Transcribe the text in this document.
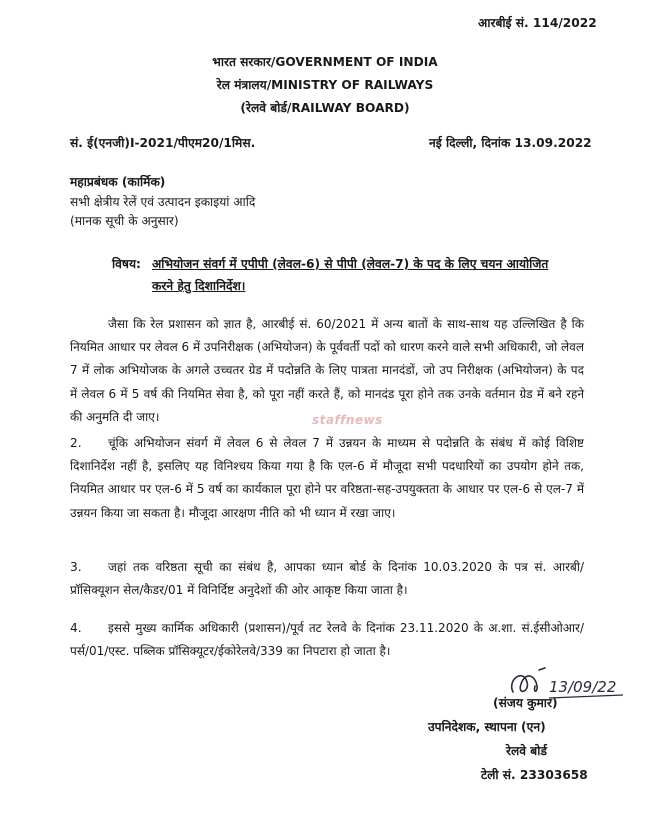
आरबीई सं. 114/2022
भारत सरकार/GOVERNMENT OF INDIA
रेल मंत्रालय/MINISTRY OF RAILWAYS
(रेलवे बोर्ड/RAILWAY BOARD)
सं. ई(एनजी)I-2021/पीएम20/1मिस.	नई दिल्ली, दिनांक 13.09.2022
महाप्रबंधक (कार्मिक)
सभी क्षेत्रीय रेलें एवं उत्पादन इकाइयां आदि
(मानक सूची के अनुसार)
विषय: अभियोजन संवर्ग में एपीपी (लेवल-6) से पीपी (लेवल-7) के पद के लिए चयन आयोजित
करने हेतु दिशानिर्देश।
जैसा कि रेल प्रशासन को ज्ञात है, आरबीई सं. 60/2021 में अन्य बातों के साथ-साथ यह उल्लिखित है कि नियमित आधार पर लेवल 6 में उपनिरीक्षक (अभियोजन) के पूर्ववर्ती पदों को धारण करने वाले सभी अधिकारी, जो लेवल 7 में लोक अभियोजक के अगले उच्चतर ग्रेड में पदोन्नति के लिए पात्रता मानदंडों, जो उप निरीक्षक (अभियोजन) के पद में लेवल 6 में 5 वर्ष की नियमित सेवा है, को पूरा नहीं करते हैं, को मानदंड पूरा होने तक उनके वर्तमान ग्रेड में बने रहने की अनुमति दी जाए।	staffnews
2.	चूंकि अभियोजन संवर्ग में लेवल 6 से लेवल 7 में उन्नयन के माध्यम से पदोन्नति के संबंध में कोई विशिष्ट दिशानिर्देश नहीं है, इसलिए यह विनिश्चय किया गया है कि एल-6 में मौजूदा सभी पदधारियों का उपयोग होने तक, नियमित आधार पर एल-6 में 5 वर्ष का कार्यकाल पूरा होने पर वरिष्ठता-सह-उपयुक्तता के आधार पर एल-6 से एल-7 में उन्नयन किया जा सकता है। मौजूदा आरक्षण नीति को भी ध्यान में रखा जाए।
3.	जहां तक वरिष्ठता सूची का संबंध है, आपका ध्यान बोर्ड के दिनांक 10.03.2020 के पत्र सं. आरबी/प्रॉसिक्यूशन सेल/कैडर/01 में विनिर्दिष्ट अनुदेशों की ओर आकृष्ट किया जाता है।
4.	इससे मुख्य कार्मिक अधिकारी (प्रशासन)/पूर्व तट रेलवे के दिनांक 23.11.2020 के अ.शा. सं.ईसीओआर/पर्स/01/एस्ट. पब्लिक प्रॉसिक्यूटर/ईकोरेलवे/339 का निपटारा हो जाता है।
13/09/22
(संजय कुमार)
उपनिदेशक, स्थापना (एन)
रेलवे बोर्ड
टेली सं. 23303658
